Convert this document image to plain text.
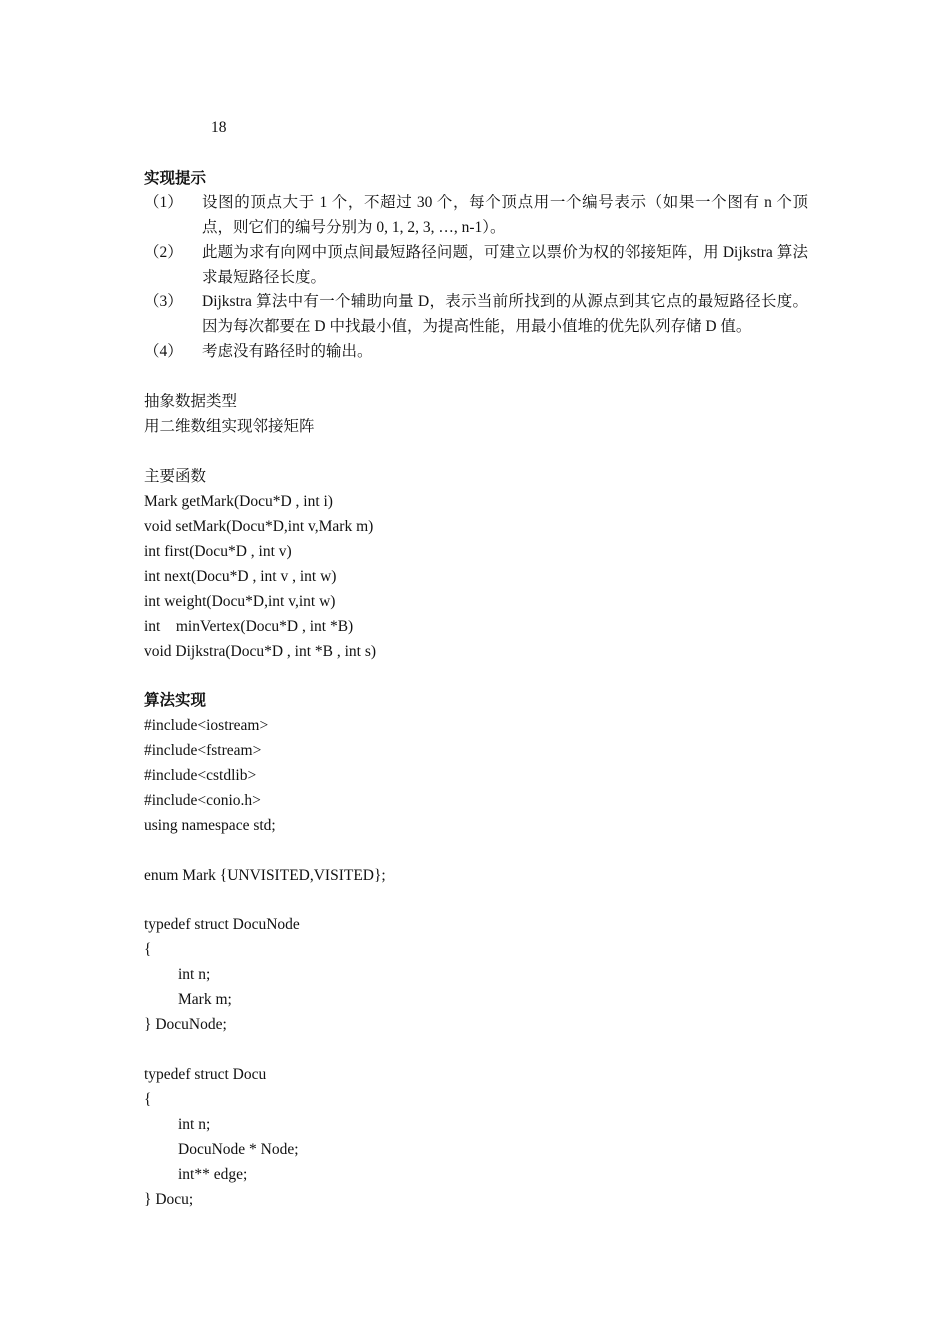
18
实现提示
（1） 设图的顶点大于 1 个，不超过 30 个，每个顶点用一个编号表示（如果一个图有 n 个顶点，则它们的编号分别为 0, 1, 2, 3, …, n-1）。
（2） 此题为求有向网中顶点间最短路径问题，可建立以票价为权的邻接矩阵，用 Dijkstra 算法求最短路径长度。
（3） Dijkstra 算法中有一个辅助向量 D，表示当前所找到的从源点到其它点的最短路径长度。因为每次都要在 D 中找最小值，为提高性能，用最小值堆的优先队列存储 D 值。
（4） 考虑没有路径时的输出。
抽象数据类型
用二维数组实现邻接矩阵
主要函数
Mark getMark(Docu*D , int i)
void setMark(Docu*D,int v,Mark m)
int first(Docu*D , int v)
int next(Docu*D , int v , int w)
int weight(Docu*D,int v,int w)
int    minVertex(Docu*D , int *B)
void Dijkstra(Docu*D , int *B , int s)
算法实现
#include<iostream>
#include<fstream>
#include<cstdlib>
#include<conio.h>
using namespace std;
enum Mark {UNVISITED,VISITED};
typedef struct DocuNode
{
int n;
Mark m;
} DocuNode;
typedef struct Docu
{
int n;
DocuNode * Node;
int** edge;
} Docu;
